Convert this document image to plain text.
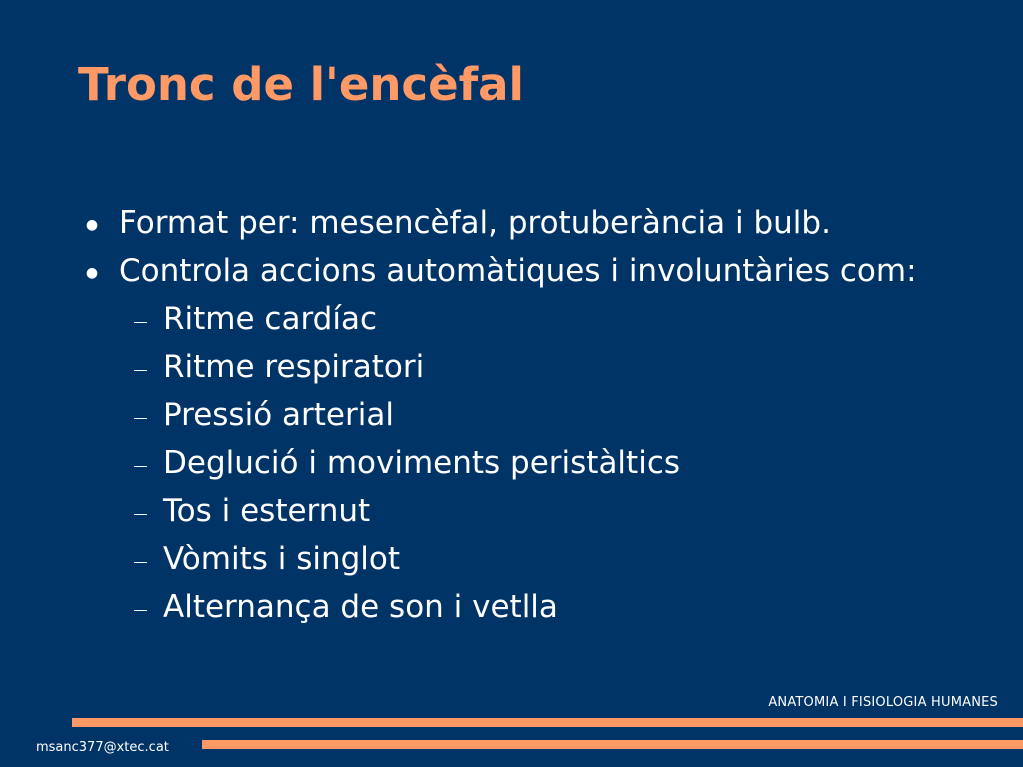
Tronc de l'encèfal
● Format per: mesencèfal, protuberància i bulb.
● Controla accions automàtiques i involuntàries com:
Ritme cardíac
Ritme respiratori
Pressió arterial
Deglució i moviments peristàltics
Tos i esternut
Vòmits i singlot
Alternança de son i vetlla
ANATOMIA I FISIOLOGIA HUMANES
msanc377@xtec.cat
